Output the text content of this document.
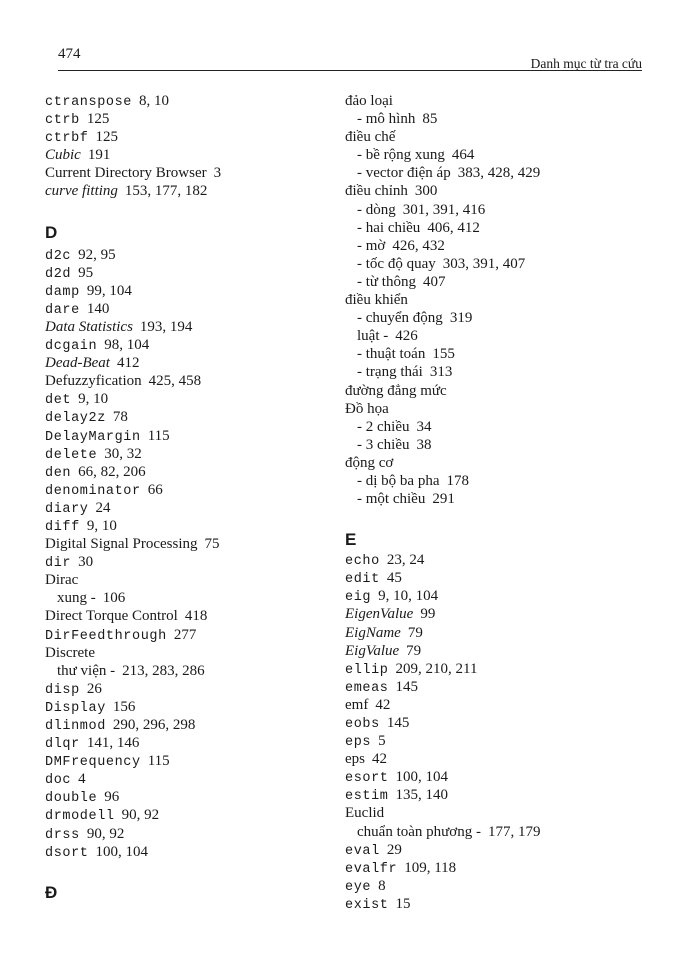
474
Danh mục từ tra cứu
ctranspose 8, 10
ctrb 125
ctrbf 125
Cubic 191
Current Directory Browser 3
curve fitting 153, 177, 182
D
d2c 92, 95
d2d 95
damp 99, 104
dare 140
Data Statistics 193, 194
dcgain 98, 104
Dead-Beat 412
Defuzzyfication 425, 458
det 9, 10
delay2z 78
DelayMargin 115
delete 30, 32
den 66, 82, 206
denominator 66
diary 24
diff 9, 10
Digital Signal Processing 75
dir 30
Dirac
xung - 106
Direct Torque Control 418
DirFeedthrough 277
Discrete
thư viện - 213, 283, 286
disp 26
Display 156
dlinmod 290, 296, 298
dlqr 141, 146
DMFrequency 115
doc 4
double 96
drmodell 90, 92
drss 90, 92
dsort 100, 104
Đ
đảo loại
- mô hình 85
điều chế
- bề rộng xung 464
- vector điện áp 383, 428, 429
điều chỉnh 300
- dòng 301, 391, 416
- hai chiều 406, 412
- mờ 426, 432
- tốc độ quay 303, 391, 407
- từ thông 407
điều khiển
- chuyển động 319
luật - 426
- thuật toán 155
- trạng thái 313
đường đẳng mức
Đồ họa
- 2 chiều 34
- 3 chiều 38
động cơ
- dị bộ ba pha 178
- một chiều 291
E
echo 23, 24
edit 45
eig 9, 10, 104
EigenValue 99
EigName 79
EigValue 79
ellip 209, 210, 211
emeas 145
emf 42
eobs 145
eps 5
eps 42
esort 100, 104
estim 135, 140
Euclid
chuẩn toàn phương - 177, 179
eval 29
evalfr 109, 118
eye 8
exist 15
